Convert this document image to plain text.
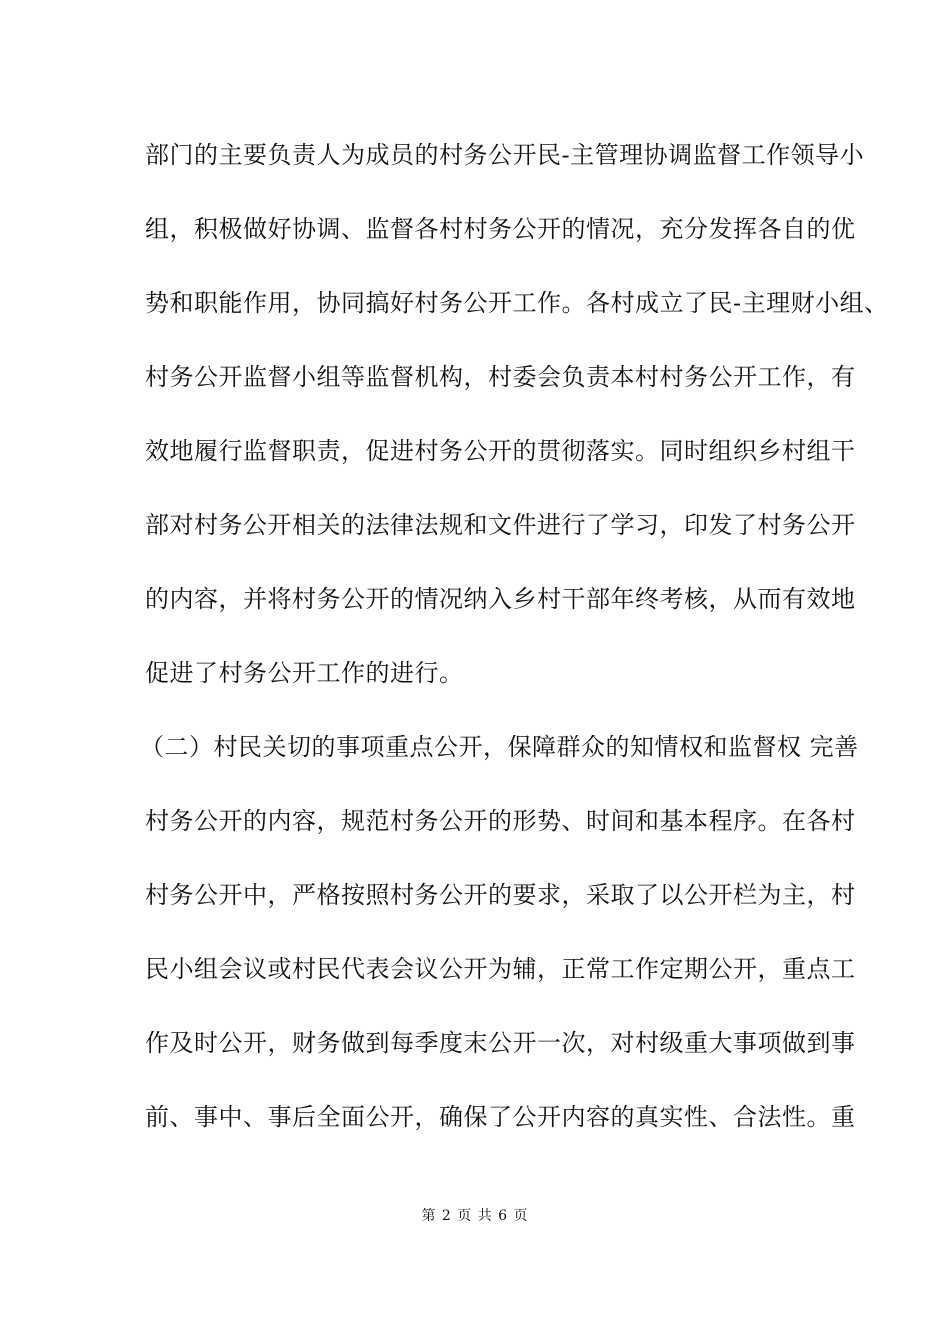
部门的主要负责人为成员的村务公开民-主管理协调监督工作领导小
组，积极做好协调、监督各村村务公开的情况，充分发挥各自的优
势和职能作用，协同搞好村务公开工作。各村成立了民-主理财小组、
村务公开监督小组等监督机构，村委会负责本村村务公开工作，有
效地履行监督职责，促进村务公开的贯彻落实。同时组织乡村组干
部对村务公开相关的法律法规和文件进行了学习，印发了村务公开
的内容，并将村务公开的情况纳入乡村干部年终考核，从而有效地
促进了村务公开工作的进行。
（二）村民关切的事项重点公开，保障群众的知情权和监督权 完善
村务公开的内容，规范村务公开的形势、时间和基本程序。在各村
村务公开中，严格按照村务公开的要求，采取了以公开栏为主，村
民小组会议或村民代表会议公开为辅，正常工作定期公开，重点工
作及时公开，财务做到每季度末公开一次，对村级重大事项做到事
前、事中、事后全面公开，确保了公开内容的真实性、合法性。重
第 2 页 共 6 页
